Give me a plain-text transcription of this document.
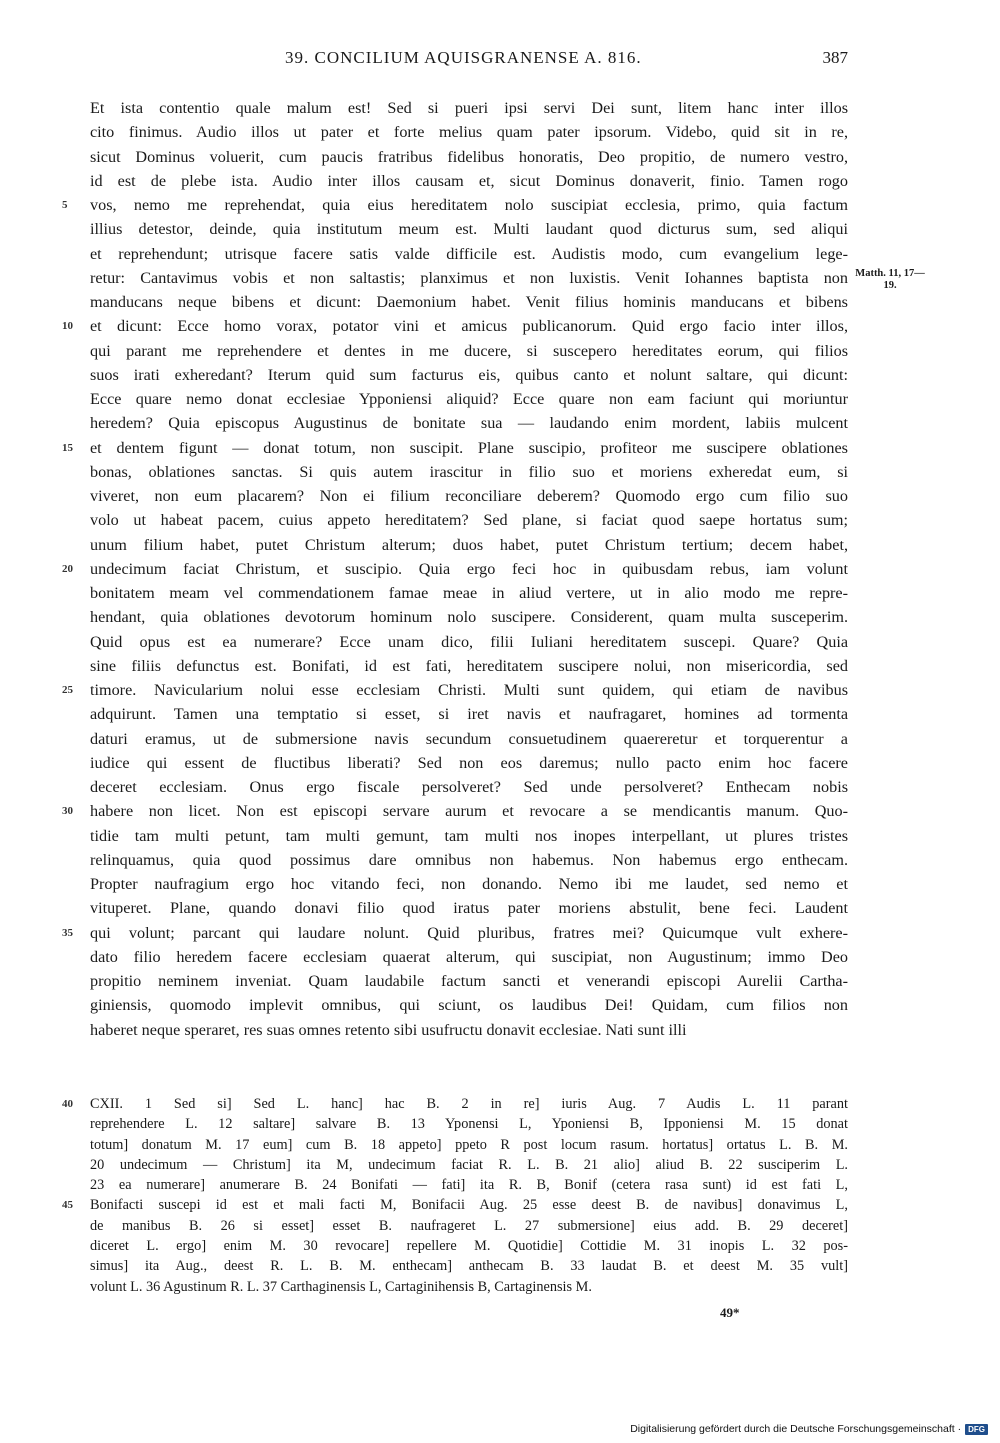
39. CONCILIUM AQUISGRANENSE A. 816.	387
Matth. 11, 17—19.
Et ista contentio quale malum est! Sed si pueri ipsi servi Dei sunt, litem hanc inter illos
cito finimus. Audio illos ut pater et forte melius quam pater ipsorum. Videbo, quid sit in re,
sicut Dominus voluerit, cum paucis fratribus fidelibus honoratis, Deo propitio, de numero vestro,
id est de plebe ista. Audio inter illos causam et, sicut Dominus donaverit, finio. Tamen rogo
5	vos, nemo me reprehendat, quia eius hereditatem nolo suscipiat ecclesia, primo, quia factum
illius detestor, deinde, quia institutum meum est. Multi laudant quod dicturus sum, sed aliqui
et reprehendunt; utrisque facere satis valde difficile est. Audistis modo, cum evangelium lege-
retur: Cantavimus vobis et non saltastis; planximus et non luxistis. Venit Iohannes baptista non
manducans neque bibens et dicunt: Daemonium habet. Venit filius hominis manducans et bibens
10	et dicunt: Ecce homo vorax, potator vini et amicus publicanorum. Quid ergo facio inter illos,
qui parant me reprehendere et dentes in me ducere, si suscepero hereditates eorum, qui filios
suos irati exheredant? Iterum quid sum facturus eis, quibus canto et nolunt saltare, qui dicunt:
Ecce quare nemo donat ecclesiae Ypponiensi aliquid? Ecce quare non eam faciunt qui moriuntur
heredem? Quia episcopus Augustinus de bonitate sua — laudando enim mordent, labiis mulcent
15	et dentem figunt — donat totum, non suscipit. Plane suscipio, profiteor me suscipere oblationes
bonas, oblationes sanctas. Si quis autem irascitur in filio suo et moriens exheredat eum, si
viveret, non eum placarem? Non ei filium reconciliare deberem? Quomodo ergo cum filio suo
volo ut habeat pacem, cuius appeto hereditatem? Sed plane, si faciat quod saepe hortatus sum;
unum filium habet, putet Christum alterum; duos habet, putet Christum tertium; decem habet,
20	undecimum faciat Christum, et suscipio. Quia ergo feci hoc in quibusdam rebus, iam volunt
bonitatem meam vel commendationem famae meae in aliud vertere, ut in alio modo me repre-
hendant, quia oblationes devotorum hominum nolo suscipere. Considerent, quam multa susceperim.
Quid opus est ea numerare? Ecce unam dico, filii Iuliani hereditatem suscepi. Quare? Quia
sine filiis defunctus est. Bonifati, id est fati, hereditatem suscipere nolui, non misericordia, sed
25	timore. Navicularium nolui esse ecclesiam Christi. Multi sunt quidem, qui etiam de navibus
adquirunt. Tamen una temptatio si esset, si iret navis et naufragaret, homines ad tormenta
daturi eramus, ut de submersione navis secundum consuetudinem quaereretur et torquerentur a
iudice qui essent de fluctibus liberati? Sed non eos daremus; nullo pacto enim hoc facere
deceret ecclesiam. Onus ergo fiscale persolveret? Sed unde persolveret? Enthecam nobis
30	habere non licet. Non est episcopi servare aurum et revocare a se mendicantis manum. Quo-
tidie tam multi petunt, tam multi gemunt, tam multi nos inopes interpellant, ut plures tristes
relinquamus, quia quod possimus dare omnibus non habemus. Non habemus ergo enthecam.
Propter naufragium ergo hoc vitando feci, non donando. Nemo ibi me laudet, sed nemo et
vituperet. Plane, quando donavi filio quod iratus pater moriens abstulit, bene feci. Laudent
35	qui volunt; parcant qui laudare nolunt. Quid pluribus, fratres mei? Quicumque vult exhere-
dato filio heredem facere ecclesiam quaerat alterum, qui suscipiat, non Augustinum; immo Deo
propitio neminem inveniat. Quam laudabile factum sancti et venerandi episcopi Aurelii Cartha-
giniensis, quomodo implevit omnibus, qui sciunt, os laudibus Dei! Quidam, cum filios non
haberet neque speraret, res suas omnes retento sibi usufructu donavit ecclesiae. Nati sunt illi
40	CXII. 1 Sed si] Sed L. hanc] hac B. 2 in re] iuris Aug. 7 Audis L. 11 parant
reprehendere L. 12 saltare] salvare B. 13 Yponensi L, Yponiensi B, Ipponiensi M. 15 donat
totum] donatum M. 17 eum] cum B. 18 appeto] ppeto R post locum rasum. hortatus] ortatus L. B. M.
20 undecimum — Christum] ita M, undecimum faciat R. L. B. 21 alio] aliud B. 22 susciperim L.
23 ea numerare] anumerare B. 24 Bonifati — fati] ita R. B, Bonif (cetera rasa sunt) id est fati L,
45	Bonifacti suscepi id est et mali facti M, Bonifacii Aug. 25 esse deest B. de navibus] donavimus L,
de manibus B. 26 si esset] esset B. naufrageret L. 27 submersione] eius add. B. 29 deceret]
diceret L. ergo] enim M. 30 revocare] repellere M. Quotidie] Cottidie M. 31 inopis L. 32 pos-
simus] ita Aug., deest R. L. B. M. enthecam] anthecam B. 33 laudat B. et deest M. 35 vult]
volunt L. 36 Agustinum R. L. 37 Carthaginensis L, Cartaginihensis B, Cartaginensis M.
49*
Digitalisierung gefördert durch die Deutsche Forschungsgemeinschaft · DFG
